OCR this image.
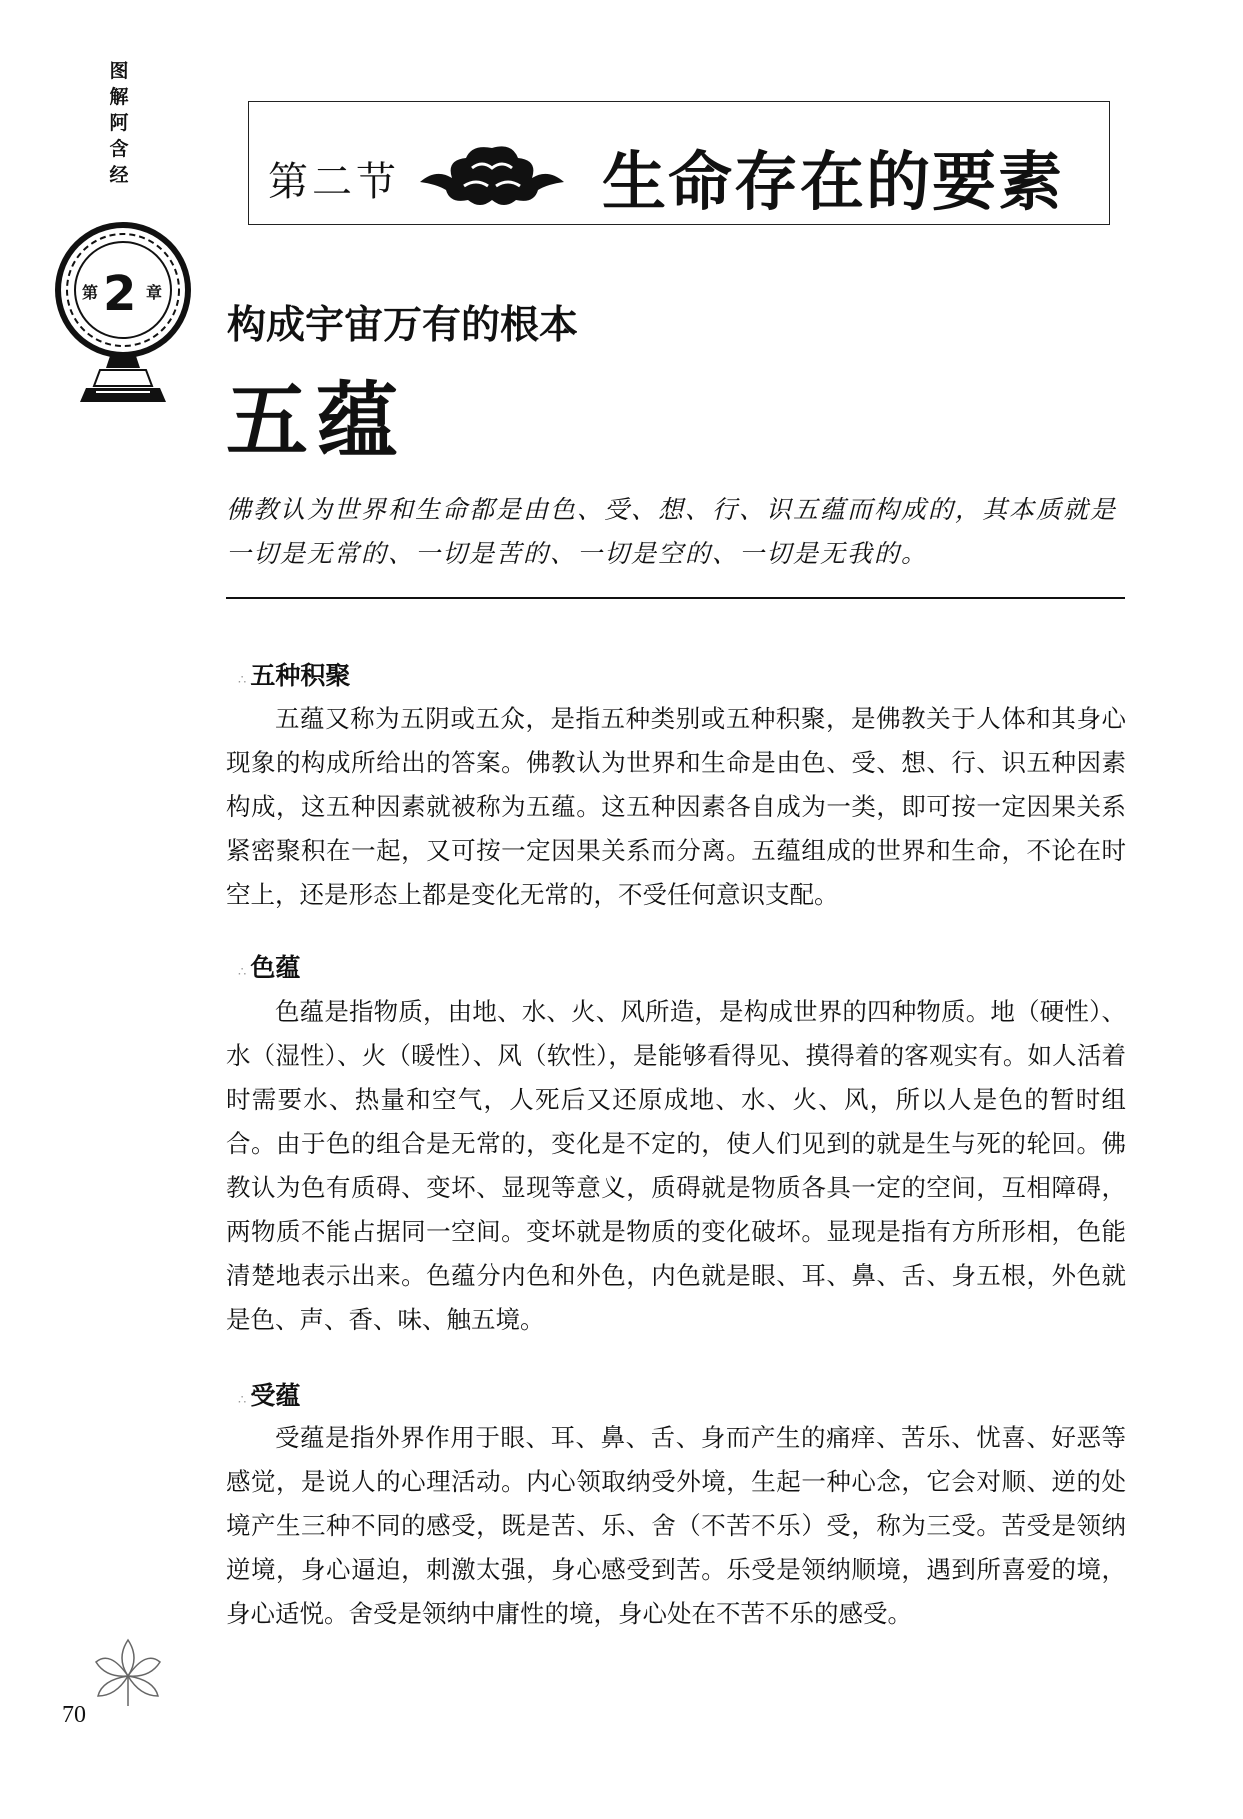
图
解
阿
含
经
第 2 章
第二节	生命存在的要素
构成宇宙万有的根本
五蕴
佛教认为世界和生命都是由色、受、想、行、识五蕴而构成的，其本质就是一切是无常的、一切是苦的、一切是空的、一切是无我的。
∴ 五种积聚

五蕴又称为五阴或五众，是指五种类别或五种积聚，是佛教关于人体和其身心现象的构成所给出的答案。佛教认为世界和生命是由色、受、想、行、识五种因素构成，这五种因素就被称为五蕴。这五种因素各自成为一类，即可按一定因果关系紧密聚积在一起，又可按一定因果关系而分离。五蕴组成的世界和生命，不论在时空上，还是形态上都是变化无常的，不受任何意识支配。

∴ 色蕴

色蕴是指物质，由地、水、火、风所造，是构成世界的四种物质。地（硬性）、水（湿性）、火（暖性）、风（软性），是能够看得见、摸得着的客观实有。如人活着时需要水、热量和空气，人死后又还原成地、水、火、风，所以人是色的暂时组合。由于色的组合是无常的，变化是不定的，使人们见到的就是生与死的轮回。佛教认为色有质碍、变坏、显现等意义，质碍就是物质各具一定的空间，互相障碍，两物质不能占据同一空间。变坏就是物质的变化破坏。显现是指有方所形相，色能清楚地表示出来。色蕴分内色和外色，内色就是眼、耳、鼻、舌、身五根，外色就是色、声、香、味、触五境。

∴ 受蕴

受蕴是指外界作用于眼、耳、鼻、舌、身而产生的痛痒、苦乐、忧喜、好恶等感觉，是说人的心理活动。内心领取纳受外境，生起一种心念，它会对顺、逆的处境产生三种不同的感受，既是苦、乐、舍（不苦不乐）受，称为三受。苦受是领纳逆境，身心逼迫，刺激太强，身心感受到苦。乐受是领纳顺境，遇到所喜爱的境，身心适悦。舍受是领纳中庸性的境，身心处在不苦不乐的感受。

70
